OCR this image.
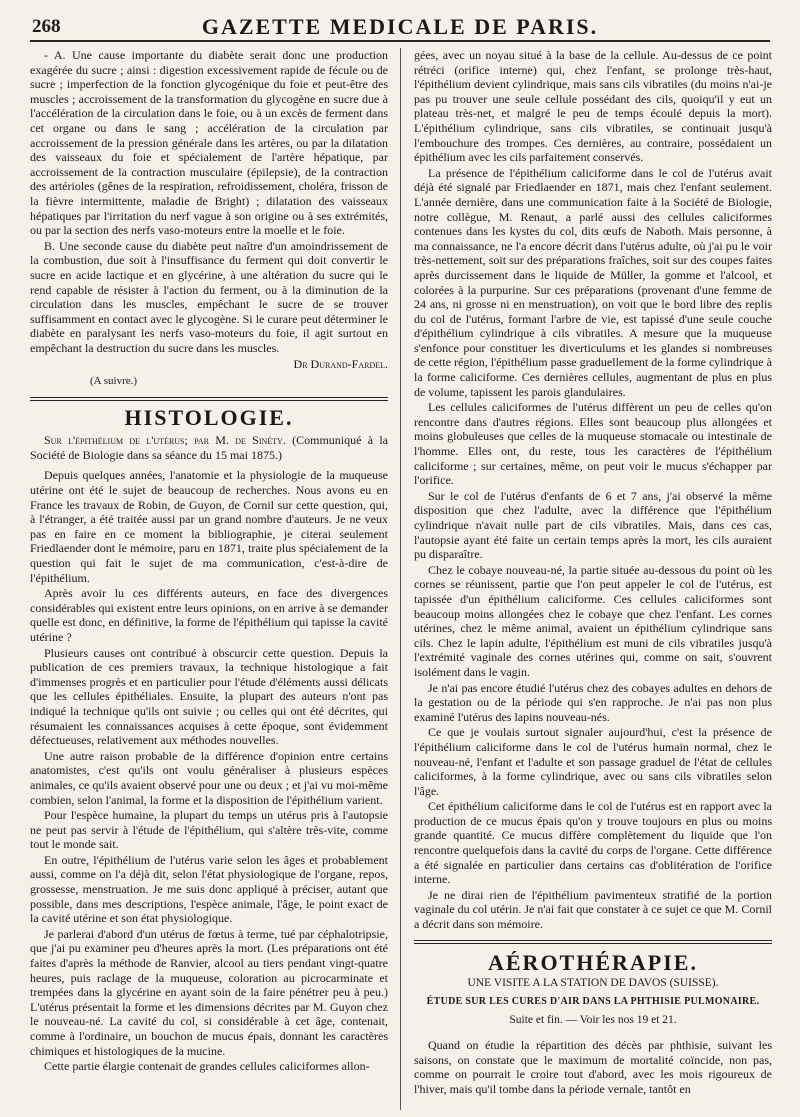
268	GAZETTE MEDICALE DE PARIS.

- A. Une cause importante du diabète serait donc une production exagérée du sucre ; ainsi : digestion excessivement rapide de fécule ou de sucre ; imperfection de la fonction glycogénique du foie et peut-être des muscles ; accroissement de la transformation du glycogène en sucre due à l'accélération de la circulation dans le foie, ou à un excès de ferment dans cet organe ou dans le sang ; accélération de la circulation par accroissement de la pression générale dans les artères, ou par la dilatation des vaisseaux du foie et spécialement de l'artère hépatique, par accroissement de la contraction musculaire (épilepsie), de la contraction des artérioles (gênes de la respiration, refroidissement, choléra, frisson de la fièvre intermittente, maladie de Bright) ; dilatation des vaisseaux hépatiques par l'irritation du nerf vague à son origine ou à ses extrémités, ou par la section des nerfs vaso-moteurs entre la moelle et le foie.

B. Une seconde cause du diabète peut naître d'un amoindrissement de la combustion, due soit à l'insuffisance du ferment qui doit convertir le sucre en acide lactique et en glycérine, à une altération du sucre qui le rend capable de résister à l'action du ferment, ou à la diminution de la circulation dans les muscles, empêchant le sucre de se trouver suffisamment en contact avec le glycogène. Si le curare peut déterminer le diabète en paralysant les nerfs vaso-moteurs du foie, il agit surtout en empêchant la destruction du sucre dans les muscles.

Dr Durand-Fardel.

(A suivre.)

HISTOLOGIE.

Sur l'épithélium de l'utérus; par M. de Sinéty. (Communiqué à la Société de Biologie dans sa séance du 15 mai 1875.)

Depuis quelques années, l'anatomie et la physiologie de la muqueuse utérine ont été le sujet de beaucoup de recherches. Nous avons eu en France les travaux de Robin, de Guyon, de Cornil sur cette question, qui, à l'étranger, a été traitée aussi par un grand nombre d'auteurs. Je ne veux pas en faire en ce moment la bibliographie, je citerai seulement Friedlaender dont le mémoire, paru en 1871, traite plus spécialement de la question qui fait le sujet de ma communication, c'est-à-dire de l'épithélium.

Après avoir lu ces différents auteurs, en face des divergences considérables qui existent entre leurs opinions, on en arrive à se demander quelle est donc, en définitive, la forme de l'épithélium qui tapisse la cavité utérine ?

Plusieurs causes ont contribué à obscurcir cette question. Depuis la publication de ces premiers travaux, la technique histologique a fait d'immenses progrès et en particulier pour l'étude d'éléments aussi délicats que les cellules épithéliales. Ensuite, la plupart des auteurs n'ont pas indiqué la technique qu'ils ont suivie ; ou celles qui ont été décrites, qui résumaient les connaissances acquises à cette époque, sont évidemment défectueuses, relativement aux méthodes nouvelles.

Une autre raison probable de la différence d'opinion entre certains anatomistes, c'est qu'ils ont voulu généraliser à plusieurs espèces animales, ce qu'ils avaient observé pour une ou deux ; et j'ai vu moi-même combien, selon l'animal, la forme et la disposition de l'épithélium varient.

Pour l'espèce humaine, la plupart du temps un utérus pris à l'autopsie ne peut pas servir à l'étude de l'épithélium, qui s'altère très-vite, comme tout le monde sait.

En outre, l'épithélium de l'utérus varie selon les âges et probablement aussi, comme on l'a déjà dit, selon l'état physiologique de l'organe, repos, grossesse, menstruation. Je me suis donc appliqué à préciser, autant que possible, dans mes descriptions, l'espèce animale, l'âge, le point exact de la cavité utérine et son état physiologique.

Je parlerai d'abord d'un utérus de fœtus à terme, tué par céphalotripsie, que j'ai pu examiner peu d'heures après la mort. (Les préparations ont été faites d'après la méthode de Ranvier, alcool au tiers pendant vingt-quatre heures, puis raclage de la muqueuse, coloration au picrocarminate et trempées dans la glycérine en ayant soin de la faire pénétrer peu à peu.) L'utérus présentait la forme et les dimensions décrites par M. Guyon chez le nouveau-né. La cavité du col, si considérable à cet âge, contenait, comme à l'ordinaire, un bouchon de mucus épais, donnant les caractères chimiques et histologiques de la mucine.

Cette partie élargie contenait de grandes cellules caliciformes allon-

gées, avec un noyau situé à la base de la cellule. Au-dessus de ce point rétréci (orifice interne) qui, chez l'enfant, se prolonge très-haut, l'épithélium devient cylindrique, mais sans cils vibratiles (du moins n'ai-je pas pu trouver une seule cellule possédant des cils, quoiqu'il y eut un plateau très-net, et malgré le peu de temps écoulé depuis la mort). L'épithélium cylindrique, sans cils vibratiles, se continuait jusqu'à l'embouchure des trompes. Ces dernières, au contraire, possédaient un épithélium avec les cils parfaitement conservés.

La présence de l'épithélium caliciforme dans le col de l'utérus avait déjà été signalé par Friedlaender en 1871, mais chez l'enfant seulement. L'année dernière, dans une communication faite à la Société de Biologie, notre collègue, M. Renaut, a parlé aussi des cellules caliciformes contenues dans les kystes du col, dits œufs de Naboth. Mais personne, à ma connaissance, ne l'a encore décrit dans l'utérus adulte, où j'ai pu le voir très-nettement, soit sur des préparations fraîches, soit sur des coupes faites après durcissement dans le liquide de Müller, la gomme et l'alcool, et colorées à la purpurine. Sur ces préparations (provenant d'une femme de 24 ans, ni grosse ni en menstruation), on voit que le bord libre des replis du col de l'utérus, formant l'arbre de vie, est tapissé d'une seule couche d'épithélium cylindrique à cils vibratiles. A mesure que la muqueuse s'enfonce pour constituer les diverticulums et les glandes si nombreuses de cette région, l'épithélium passe graduellement de la forme cylindrique à la forme caliciforme. Ces dernières cellules, augmentant de plus en plus de volume, tapissent les parois glandulaires.

Les cellules caliciformes de l'utérus diffèrent un peu de celles qu'on rencontre dans d'autres régions. Elles sont beaucoup plus allongées et moins globuleuses que celles de la muqueuse stomacale ou intestinale de l'homme. Elles ont, du reste, tous les caractères de l'épithélium caliciforme ; sur certaines, même, on peut voir le mucus s'échapper par l'orifice.

Sur le col de l'utérus d'enfants de 6 et 7 ans, j'ai observé la même disposition que chez l'adulte, avec la différence que l'épithélium cylindrique n'avait nulle part de cils vibratiles. Mais, dans ces cas, l'autopsie ayant été faite un certain temps après la mort, les cils auraient pu disparaître.

Chez le cobaye nouveau-né, la partie située au-dessous du point où les cornes se réunissent, partie que l'on peut appeler le col de l'utérus, est tapissée d'un épithélium caliciforme. Ces cellules caliciformes sont beaucoup moins allongées chez le cobaye que chez l'enfant. Les cornes utérines, chez le même animal, avaient un épithélium cylindrique sans cils. Chez le lapin adulte, l'épithélium est muni de cils vibratiles jusqu'à l'extrémité vaginale des cornes utérines qui, comme on sait, s'ouvrent isolément dans le vagin.

Je n'ai pas encore étudié l'utérus chez des cobayes adultes en dehors de la gestation ou de la période qui s'en rapproche. Je n'ai pas non plus examiné l'utérus des lapins nouveau-nés.

Ce que je voulais surtout signaler aujourd'hui, c'est la présence de l'épithélium caliciforme dans le col de l'utérus humain normal, chez le nouveau-né, l'enfant et l'adulte et son passage graduel de l'état de cellules caliciformes, à la forme cylindrique, avec ou sans cils vibratiles selon l'âge.

Cet épithélium caliciforme dans le col de l'utérus est en rapport avec la production de ce mucus épais qu'on y trouve toujours en plus ou moins grande quantité. Ce mucus diffère complètement du liquide que l'on rencontre quelquefois dans la cavité du corps de l'organe. Cette différence a été signalée en particulier dans certains cas d'oblitération de l'orifice interne.

Je ne dirai rien de l'épithélium pavimenteux stratifié de la portion vaginale du col utérin. Je n'ai fait que constater à ce sujet ce que M. Cornil a décrit dans son mémoire.

AÉROTHÉRAPIE.

UNE VISITE A LA STATION DE DAVOS (SUISSE).

ÉTUDE SUR LES CURES D'AIR DANS LA PHTHISIE PULMONAIRE.

Suite et fin. — Voir les nos 19 et 21.

Quand on étudie la répartition des décès par phthisie, suivant les saisons, on constate que le maximum de mortalité coïncide, non pas, comme on pourrait le croire tout d'abord, avec les mois rigoureux de l'hiver, mais qu'il tombe dans la période vernale, tantôt en
